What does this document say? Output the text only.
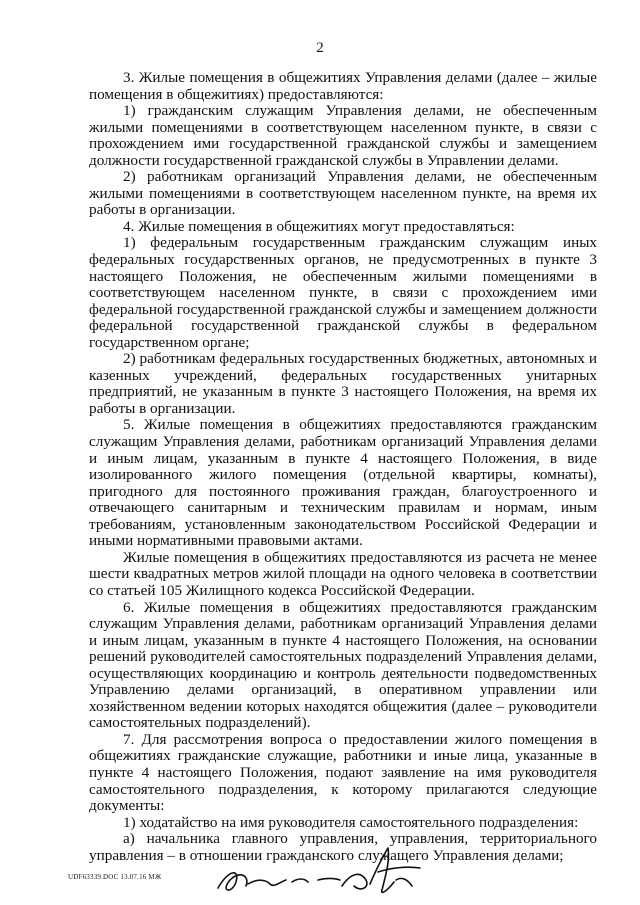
2

3. Жилые помещения в общежитиях Управления делами (далее – жилые помещения в общежитиях) предоставляются:

1) гражданским служащим Управления делами, не обеспеченным жилыми помещениями в соответствующем населенном пункте, в связи с прохождением ими государственной гражданской службы и замещением должности государственной гражданской службы в Управлении делами.

2) работникам организаций Управления делами, не обеспеченным жилыми помещениями в соответствующем населенном пункте, на время их работы в организации.

4. Жилые помещения в общежитиях могут предоставляться:

1) федеральным государственным гражданским служащим иных федеральных государственных органов, не предусмотренных в пункте 3 настоящего Положения, не обеспеченным жилыми помещениями в соответствующем населенном пункте, в связи с прохождением ими федеральной государственной гражданской службы и замещением должности федеральной государственной гражданской службы в федеральном государственном органе;

2) работникам федеральных государственных бюджетных, автономных и казенных учреждений, федеральных государственных унитарных предприятий, не указанным в пункте 3 настоящего Положения, на время их работы в организации.

5. Жилые помещения в общежитиях предоставляются гражданским служащим Управления делами, работникам организаций Управления делами и иным лицам, указанным в пункте 4 настоящего Положения, в виде изолированного жилого помещения (отдельной квартиры, комнаты), пригодного для постоянного проживания граждан, благоустроенного и отвечающего санитарным и техническим правилам и нормам, иным требованиям, установленным законодательством Российской Федерации и иными нормативными правовыми актами.

Жилые помещения в общежитиях предоставляются из расчета не менее шести квадратных метров жилой площади на одного человека в соответствии со статьей 105 Жилищного кодекса Российской Федерации.

6. Жилые помещения в общежитиях предоставляются гражданским служащим Управления делами, работникам организаций Управления делами и иным лицам, указанным в пункте 4 настоящего Положения, на основании решений руководителей самостоятельных подразделений Управления делами, осуществляющих координацию и контроль деятельности подведомственных Управлению делами организаций, в оперативном управлении или хозяйственном ведении которых находятся общежития (далее – руководители самостоятельных подразделений).

7. Для рассмотрения вопроса о предоставлении жилого помещения в общежитиях гражданские служащие, работники и иные лица, указанные в пункте 4 настоящего Положения, подают заявление на имя руководителя самостоятельного подразделения, к которому прилагаются следующие документы:

1) ходатайство на имя руководителя самостоятельного подразделения:

а) начальника главного управления, управления, территориального управления – в отношении гражданского служащего Управления делами;

UDF63339.DOC 13.07.16 МЖ
